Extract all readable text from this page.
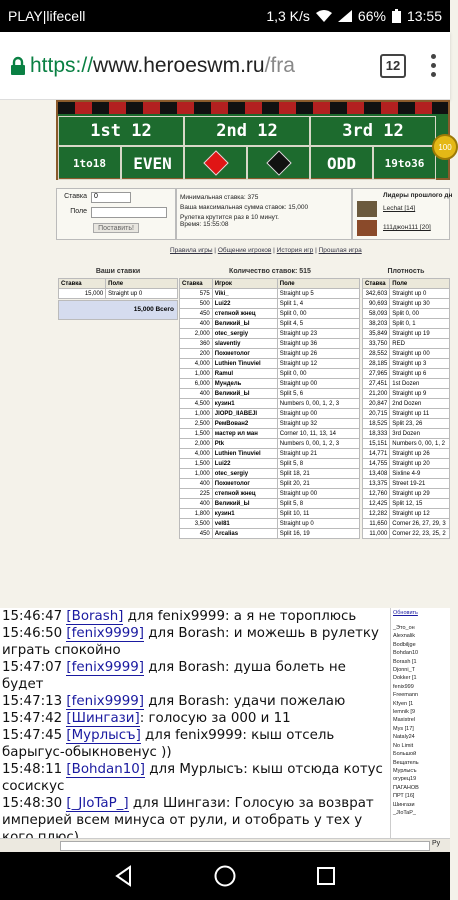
PLAY|lifecell	1,3 K/s	66% 13:55
https:// www.heroeswm.ru /fra	12
1st 12	2nd 12	3rd 12
1to18	EVEN	ODD	19to36
100
Ставка	0
Поле
Поставить!
Минимальная ставка: 375
Ваша максимальная сумма ставок: 15,000
Рулетка крутится раз в 10 минут.
Время: 15:55:08
Лидеры прошлого дн
Lechat [14]
111джон111 [20]
Правила игры | Общение игроков | История игр | Прошлая игра
Ваши ставки	Количество ставок: 515	Плотность
Ставка	Поле
15,000	Straight up 0
15,000 Всего
Ставка	Игрок	Поле
575	Viki_	Straight up 5
500	Lui22	Split 1, 4
450	степной жнец	Split 0, 00
400	Великий_Ы	Split 4, 5
2,000	otec_sergiy	Straight up 23
360	slaventiy	Straight up 36
200	Похметолог	Straight up 26
4,000	Luthien Tinuviel	Straight up 12
1,000	Ramul	Split 0, 00
6,000	Мундель	Straight up 00
400	Великий_Ы	Split 5, 6
4,500	кузин1	Numbers 0, 00, 1, 2, 3
1,000	JIOPD_IIABEJI	Straight up 00
2,500	РемВован2	Straight up 32
1,500	мастер ил ман	Corner 10, 11, 13, 14
2,000	Ptk	Numbers 0, 00, 1, 2, 3
4,000	Luthien Tinuviel	Straight up 21
1,500	Lui22	Split 5, 8
1,000	otec_sergiy	Split 18, 21
400	Похметолог	Split 20, 21
225	степной жнец	Straight up 00
400	Великий_Ы	Split 5, 8
1,800	кузин1	Split 10, 11
3,500	vel81	Straight up 0
450	Arcalias	Split 16, 19
Ставка	Поле
342,603	Straight up 0
90,693	Straight up 30
58,093	Split 0, 00
38,203	Split 0, 1
35,849	Straight up 19
33,750	RED
28,552	Straight up 00
28,185	Straight up 3
27,965	Straight up 6
27,451	1st Dozen
21,200	Straight up 9
20,847	2nd Dozen
20,715	Straight up 11
18,525	Split 23, 26
18,333	3rd Dozen
15,151	Numbers 0, 00, 1, 2
14,771	Straight up 26
14,755	Straight up 20
13,408	Sixline 4-9
13,375	Street 19-21
12,760	Straight up 29
12,425	Split 12, 15
12,282	Straight up 12
11,650	Corner 26, 27, 29, 3
11,000	Corner 22, 23, 25, 2
15:46:47 [Borash] для fenix9999: а я не тороплюсь
15:46:50 [fenix9999] для Borash: и можешь в рулетку играть спокойно
15:47:07 [fenix9999] для Borash: душа болеть не будет
15:47:13 [fenix9999] для Borash: удачи пожелаю
15:47:42 [Шингази]: голосую за 000 и 11
15:47:45 [Мурлысъ] для fenix9999: кыш отсель барыгус-обыкновенус ))
15:48:11 [Bohdan10] для Мурлысъ: кыш отсюда котус сосискус
15:48:30 [_JIoTaP_] для Шингази: Голосую за возврат империей всем минуса от рули, и отобрать у тех у
Обновить
_Это_он
Alexnalik
Bodbiljge
Bohdan10
Borash [1
Djonni_T
Dokker [1
fenix999
Freemann
Kfyen [1
lemnik [9
Maxistrel
Mys [17]
Nataly24
No Limit
Большой
Вещатель
Мурлысъ
огурец19
ПАГАНОВ
ПРТ [16]
Шингази
_JIoTaP_
Ру
